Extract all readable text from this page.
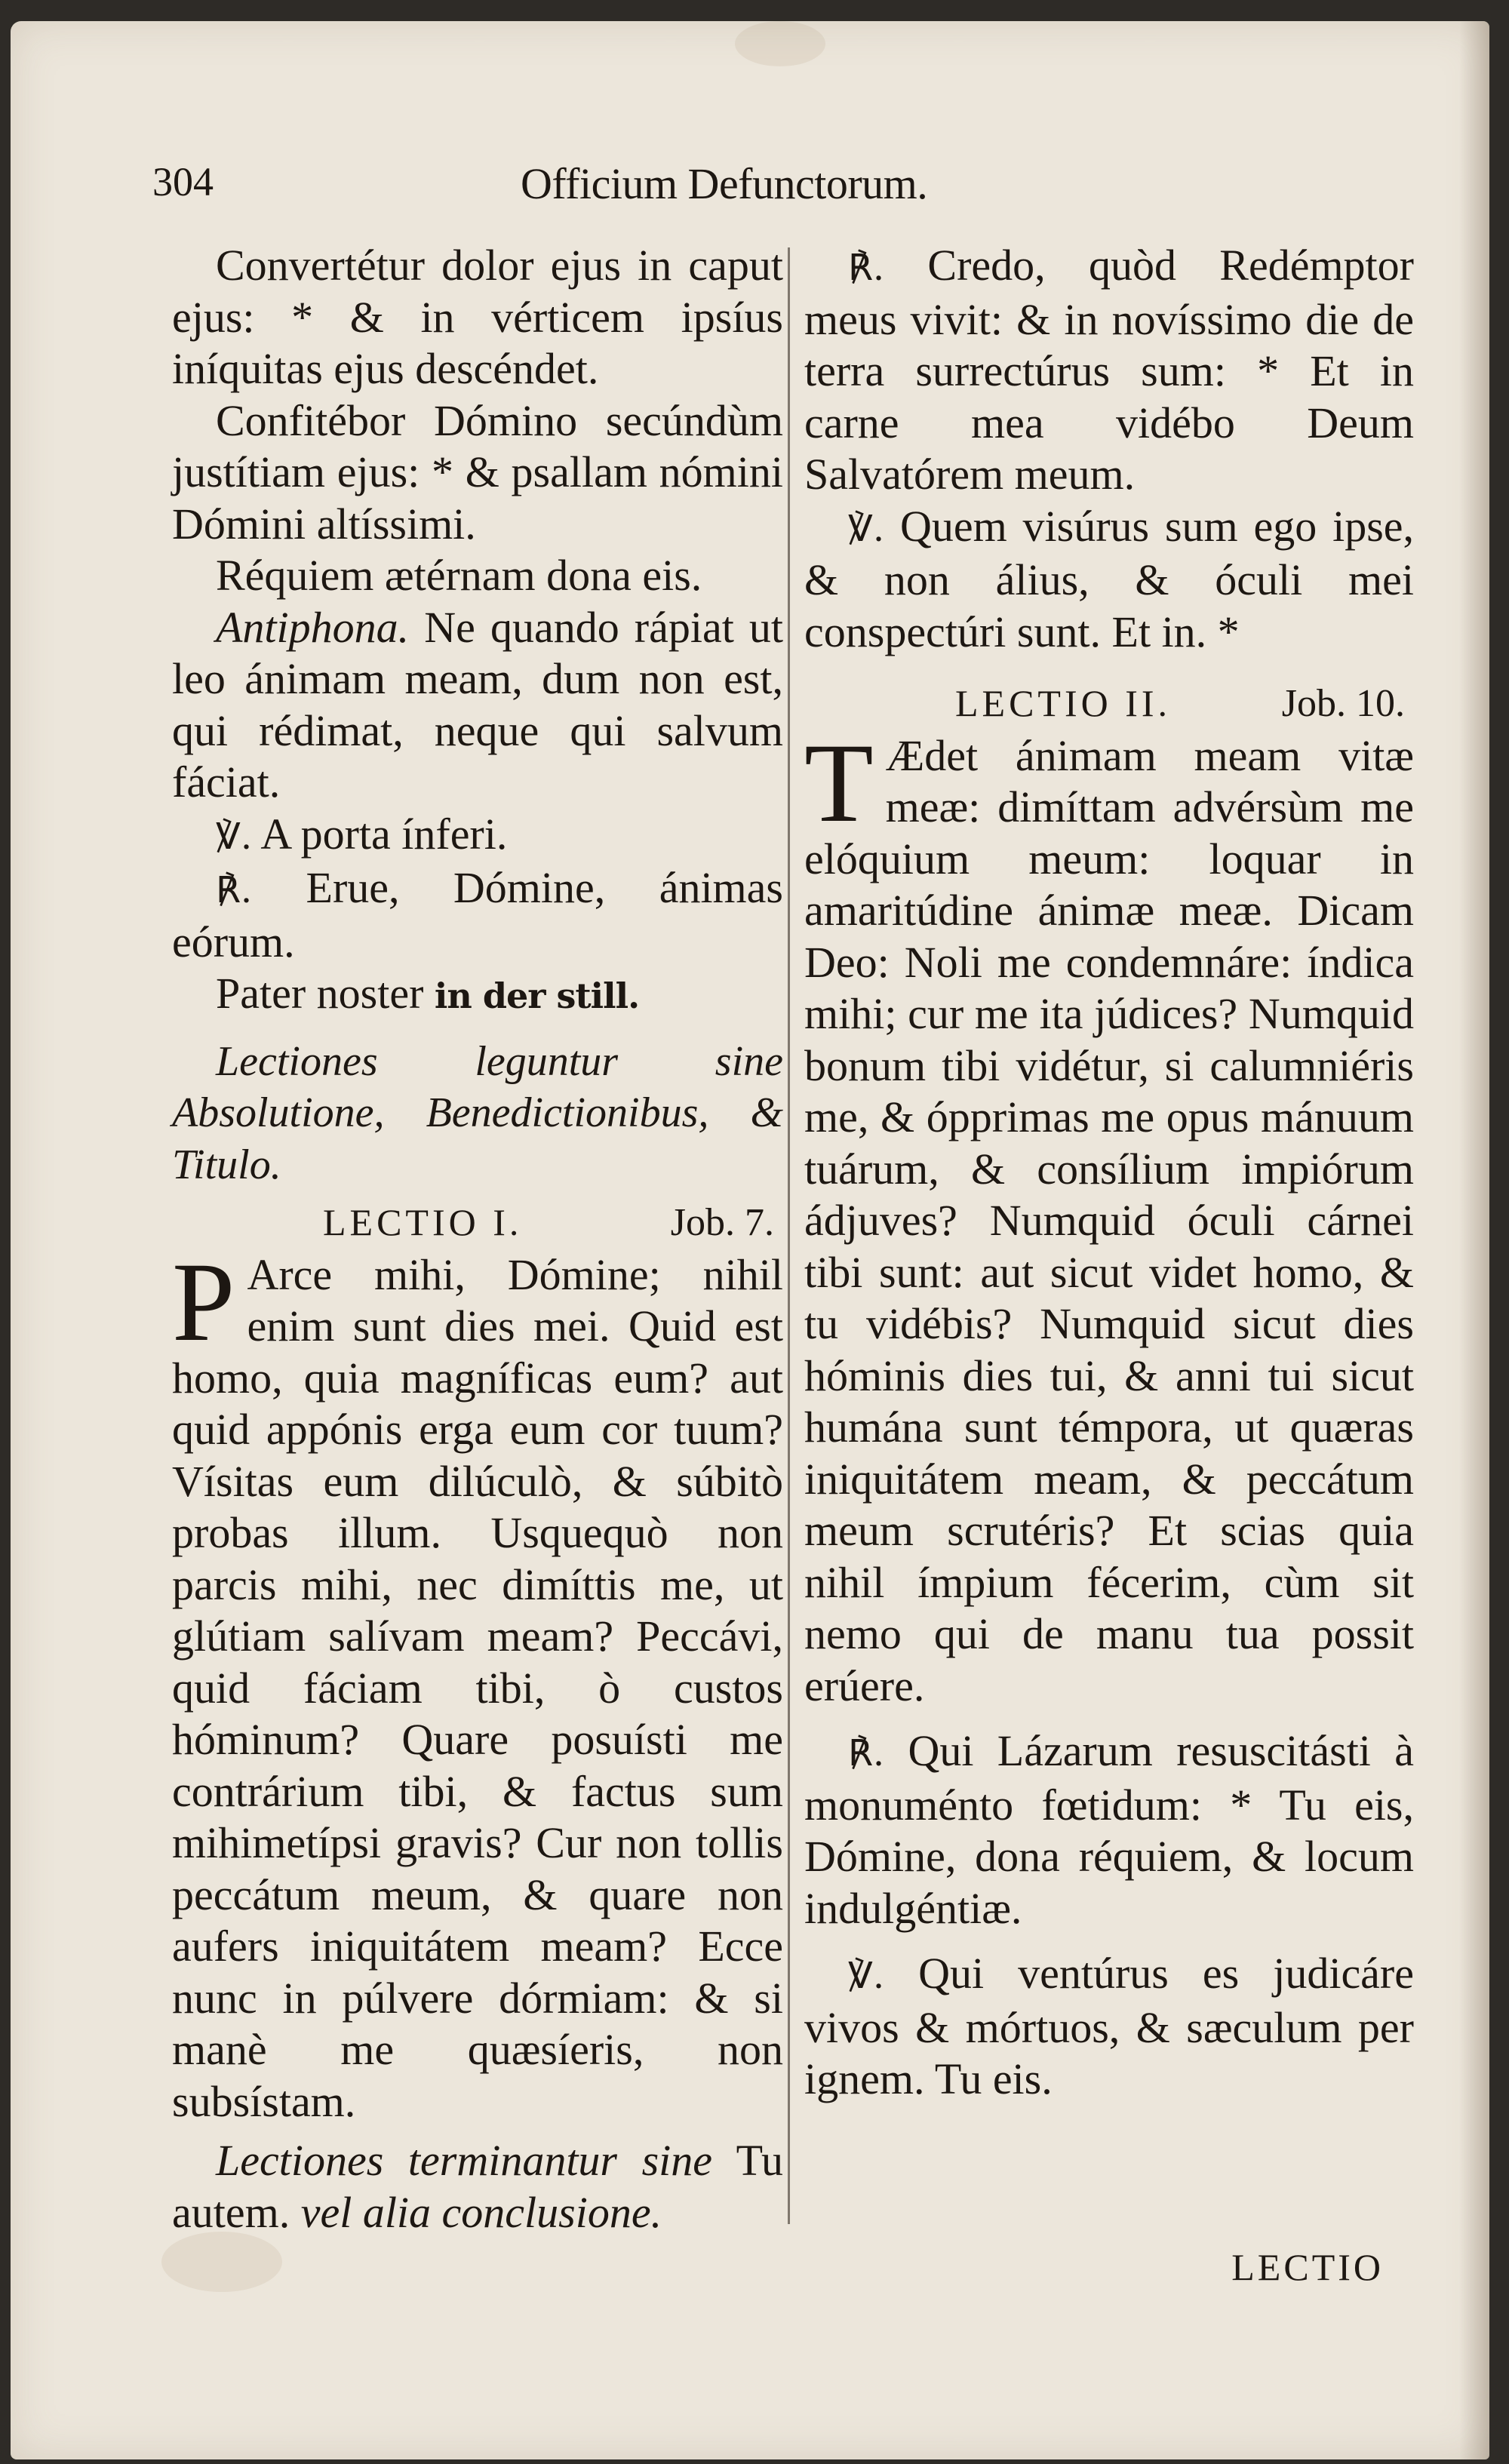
304	Officium Defunctorum.

Convertétur dolor ejus in caput ejus: * & in vérticem ipsíus iníquitas ejus descéndet.

Confitébor Dómino secúndùm justítiam ejus: * & psallam nómini Dómini altíssimi.

Réquiem ætérnam dona eis.

Antiphona. Ne quando rápiat ut leo ánimam meam, dum non est, qui rédimat, neque qui salvum fáciat.

℣. A porta ínferi.

℟. Erue, Dómine, ánimas eórum.

Pater noster in der still.

Lectiones leguntur sine Absolutione, Benedictionibus, & Titulo.

LECTIO I.	Job. 7.

P Arce mihi, Dómine; nihil enim sunt dies mei. Quid est homo, quia magníficas eum? aut quid appónis erga eum cor tuum? Vísitas eum dilúculò, & súbitò probas illum. Usquequò non parcis mihi, nec dimíttis me, ut glútiam salívam meam? Peccávi, quid fáciam tibi, ò custos hóminum? Quare posuísti me contrárium tibi, & factus sum mihimetípsi gravis? Cur non tollis peccátum meum, & quare non aufers iniquitátem meam? Ecce nunc in púlvere dórmiam: & si manè me quæsíeris, non subsístam.

Lectiones terminantur sine Tu autem. vel alia conclusione.

℟. Credo, quòd Redémptor meus vivit: & in novíssimo die de terra surrectúrus sum: * Et in carne mea vidébo Deum Salvatórem meum.

℣. Quem visúrus sum ego ipse, & non álius, & óculi mei conspectúri sunt. Et in. *

LECTIO II.	Job. 10.

T Ædet ánimam meam vitæ meæ: dimíttam advérsùm me elóquium meum: loquar in amaritúdine ánimæ meæ. Dicam Deo: Noli me condemnáre: índica mihi; cur me ita júdices? Numquid bonum tibi vidétur, si calumniéris me, & ópprimas me opus mánuum tuárum, & consílium impiórum ádjuves? Numquid óculi cárnei tibi sunt: aut sicut videt homo, & tu vidébis? Numquid sicut dies hóminis dies tui, & anni tui sicut humána sunt témpora, ut quæras iniquitátem meam, & peccátum meum scrutéris? Et scias quia nihil ímpium fécerim, cùm sit nemo qui de manu tua possit erúere.

℟. Qui Lázarum resuscitásti à monuménto fœtidum: * Tu eis, Dómine, dona réquiem, & locum indulgéntiæ.

℣. Qui ventúrus es judicáre vivos & mórtuos, & sæculum per ignem. Tu eis.

LECTIO
